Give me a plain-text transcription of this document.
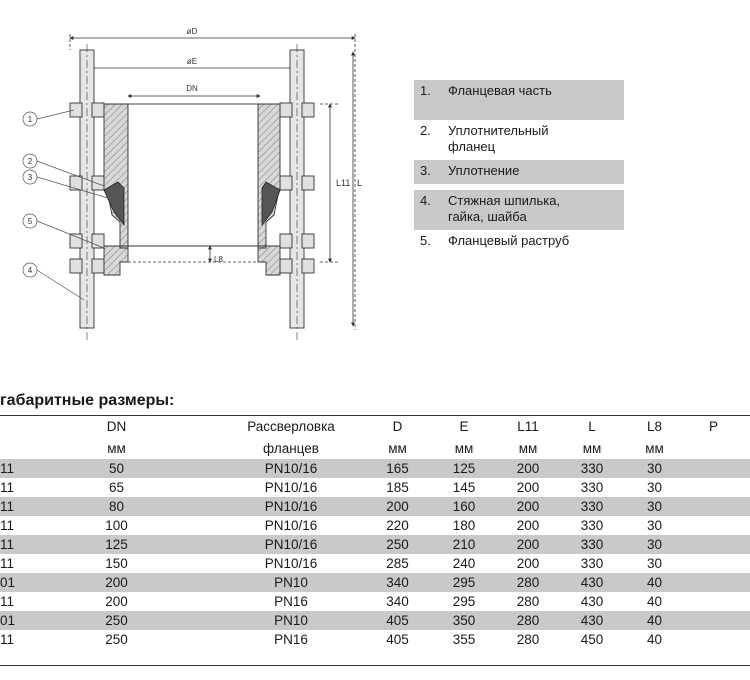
øD
øE
DN
L8
L11 L
1
2
3
5
4
1.	Фланцевая часть
2.	Уплотнительный
фланец
3.	Уплотнение
4.	Стяжная шпилька,
гайка, шайба
5.	Фланцевый раструб
габаритные размеры:
	DN	Рассверловка	D	E	L11	L	L8	P
	мм	фланцев	мм	мм	мм	мм	мм	
11	50	PN10/16	165	125	200	330	30	
11	65	PN10/16	185	145	200	330	30	
11	80	PN10/16	200	160	200	330	30	
11	100	PN10/16	220	180	200	330	30	
11	125	PN10/16	250	210	200	330	30	
11	150	PN10/16	285	240	200	330	30	
01	200	PN10	340	295	280	430	40	
11	200	PN16	340	295	280	430	40	
01	250	PN10	405	350	280	430	40	
11	250	PN16	405	355	280	450	40	
